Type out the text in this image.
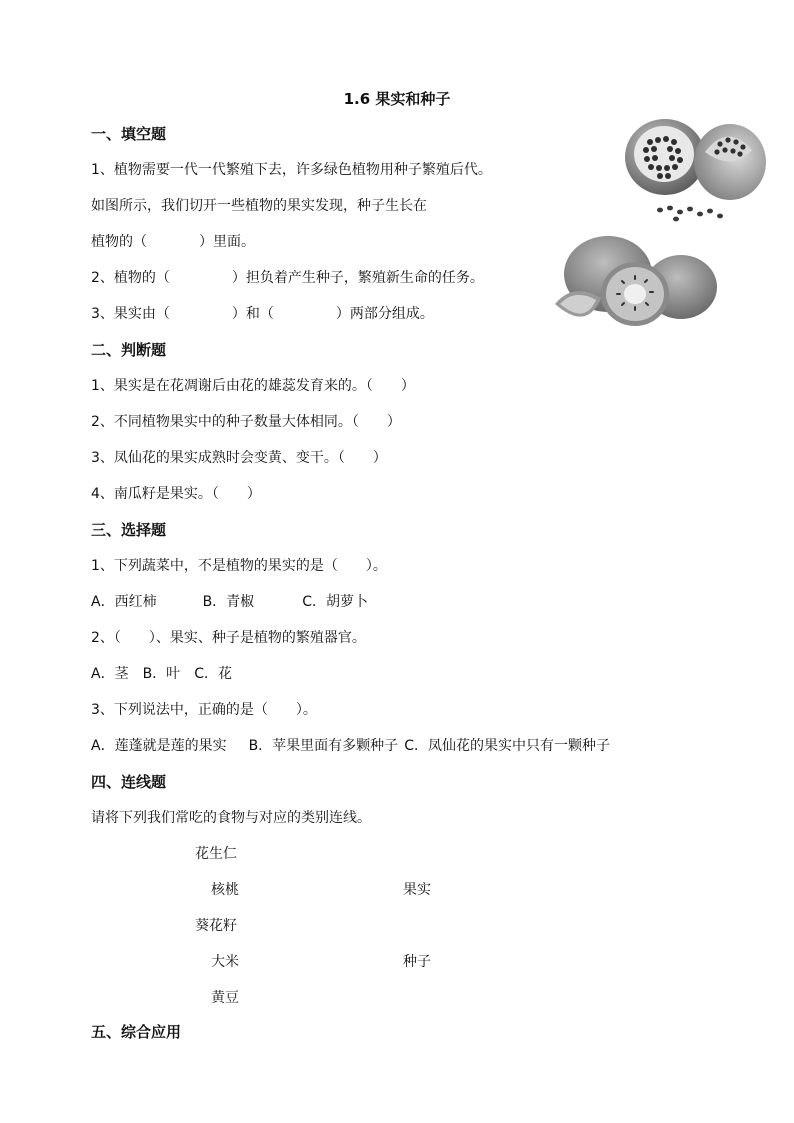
1.6 果实和种子
一、填空题
1、植物需要一代一代繁殖下去，许多绿色植物用种子繁殖后代。
如图所示，我们切开一些植物的果实发现，种子生长在
植物的（	）里面。
2、植物的（	）担负着产生种子，繁殖新生命的任务。
3、果实由（	）和（	）两部分组成。
二、判断题
1、果实是在花凋谢后由花的雄蕊发育来的。（　　）
2、不同植物果实中的种子数量大体相同。（　　）
3、凤仙花的果实成熟时会变黄、变干。（　　）
4、南瓜籽是果实。（　　）
三、选择题
1、下列蔬菜中，不是植物的果实的是（　　）。
A．西红柿	B．青椒	C．胡萝卜
2、（　　）、果实、种子是植物的繁殖器官。
A．茎 B．叶 C．花
3、下列说法中，正确的是（　　）。
A．莲蓬就是莲的果实 B．苹果里面有多颗种子 C．凤仙花的果实中只有一颗种子
四、连线题
请将下列我们常吃的食物与对应的类别连线。
花生仁
核桃
葵花籽
大米
黄豆
果实
种子
五、综合应用
